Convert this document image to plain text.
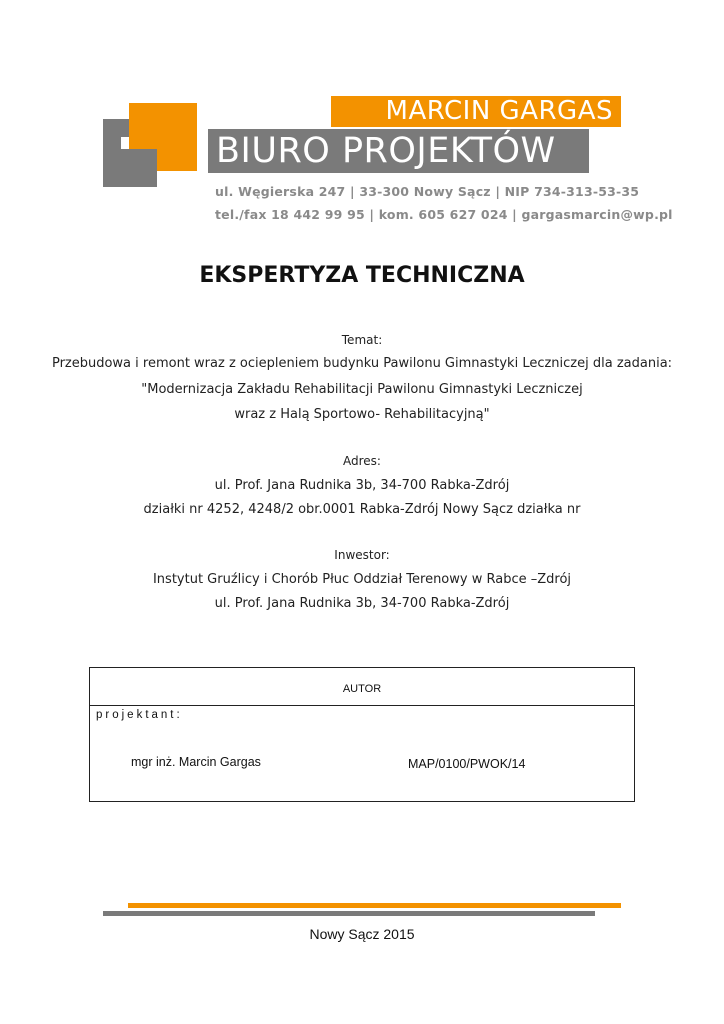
MARCIN GARGAS
BIURO PROJEKTÓW
ul. Węgierska 247 | 33-300 Nowy Sącz | NIP 734-313-53-35
tel./fax 18 442 99 95 | kom. 605 627 024 | gargasmarcin@wp.pl
EKSPERTYZA TECHNICZNA
Temat:
Przebudowa i remont wraz z ociepleniem budynku Pawilonu Gimnastyki Leczniczej dla zadania:
"Modernizacja Zakładu Rehabilitacji Pawilonu Gimnastyki Leczniczej
wraz z Halą Sportowo- Rehabilitacyjną"
Adres:
ul. Prof. Jana Rudnika 3b, 34-700 Rabka-Zdrój
działki nr 4252, 4248/2 obr.0001 Rabka-Zdrój Nowy Sącz działka nr
Inwestor:
Instytut Gruźlicy i Chorób Płuc Oddział Terenowy w Rabce –Zdrój
ul. Prof. Jana Rudnika 3b, 34-700 Rabka-Zdrój
AUTOR
projektant:
mgr inż. Marcin Gargas	MAP/0100/PWOK/14
Nowy Sącz 2015
